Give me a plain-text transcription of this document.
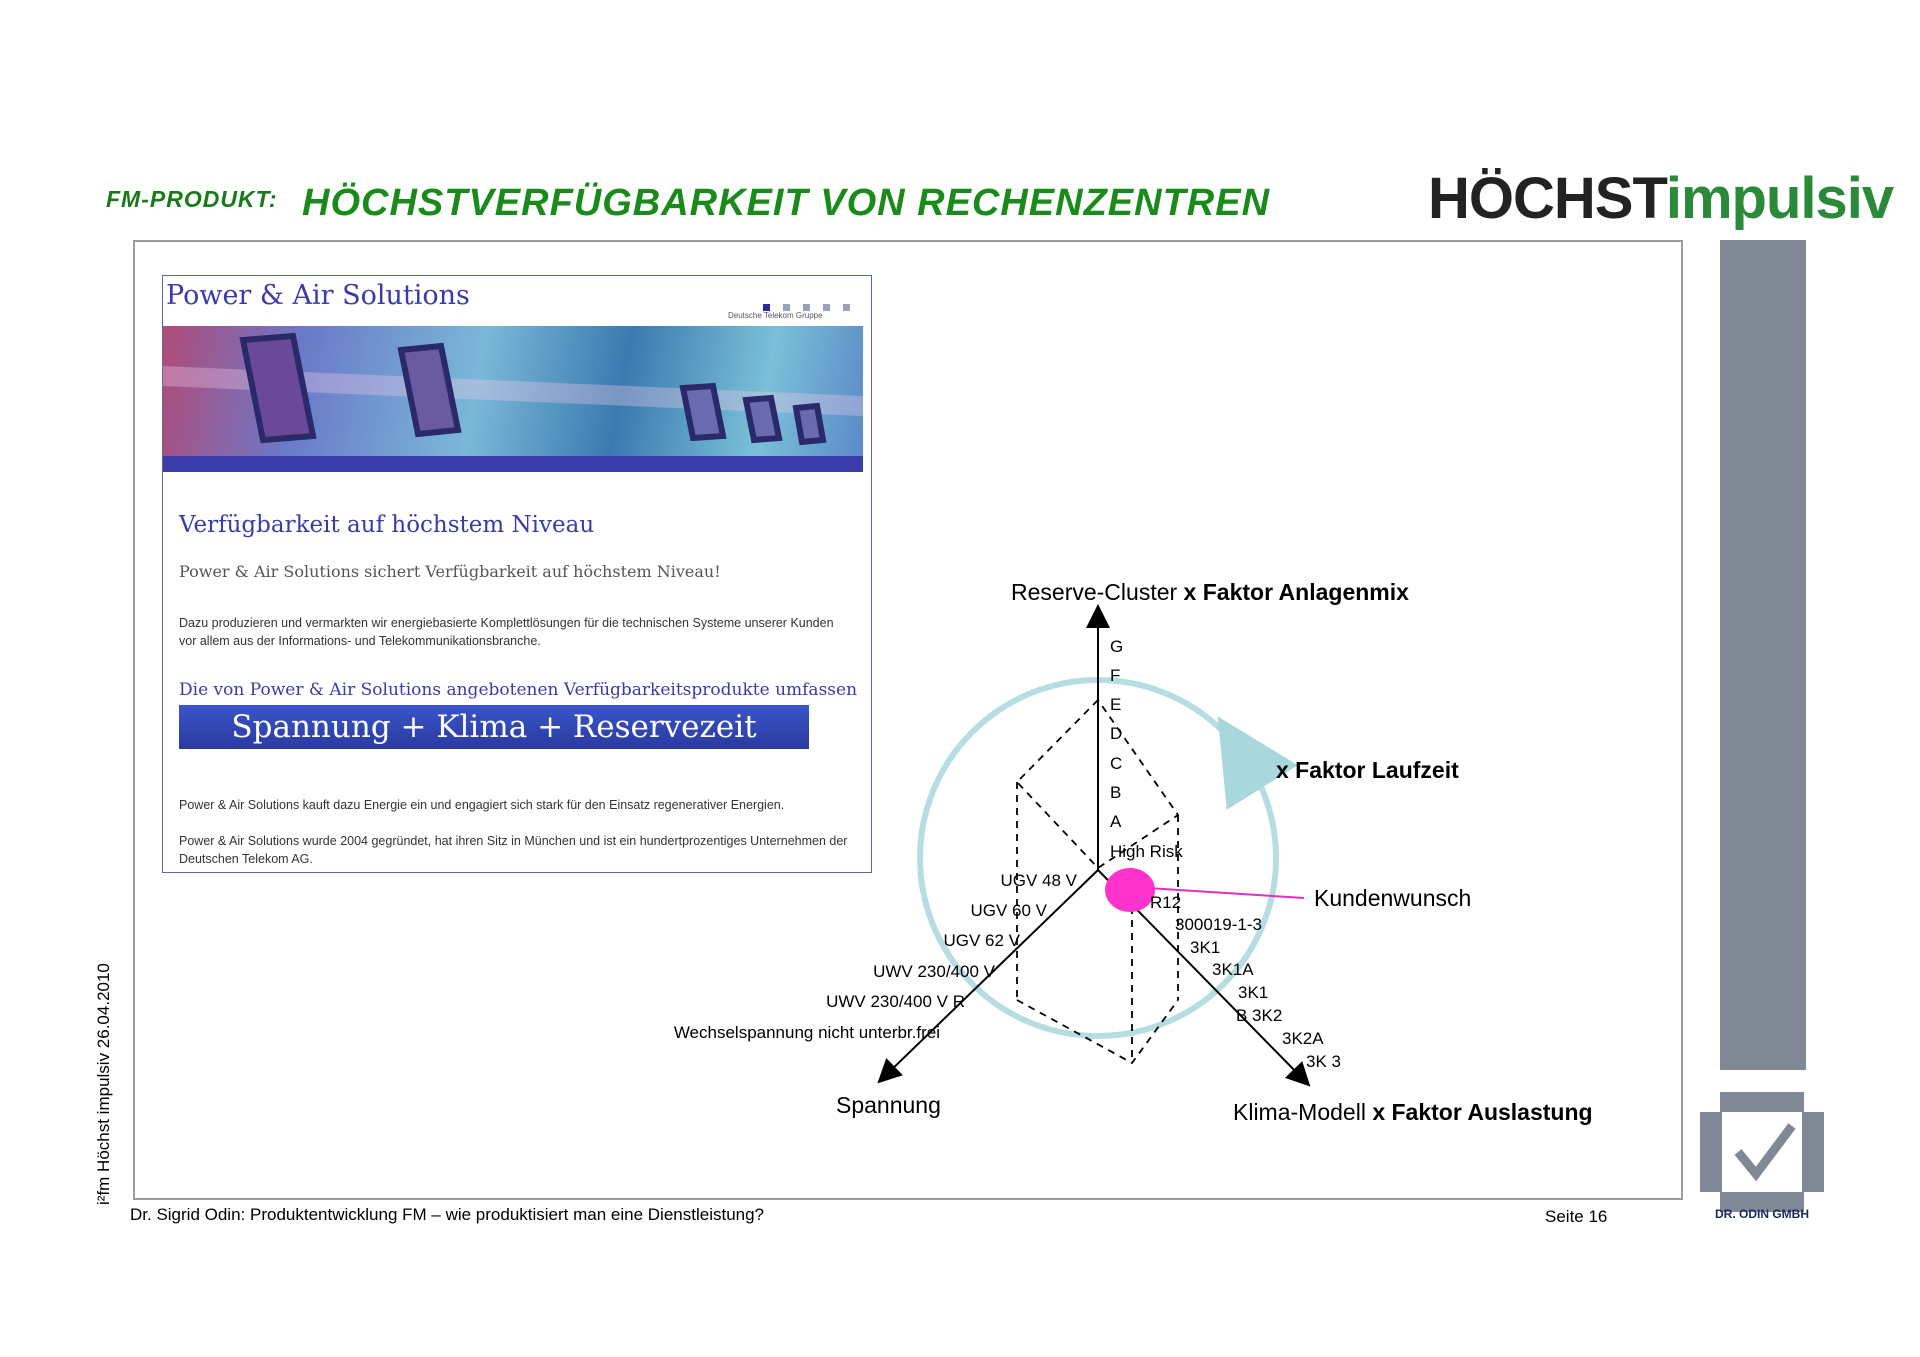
FM-PRODUKT: HÖCHSTVERFÜGBARKEIT VON RECHENZENTREN	HÖCHSTimpulsiv
DR. ODIN GMBH
i²fm Höchst impulsiv 26.04.2010
Dr. Sigrid Odin: Produktentwicklung FM – wie produktisiert man eine Dienstleistung?	Seite 16
Power & Air Solutions
Deutsche Telekom Gruppe
Verfügbarkeit auf höchstem Niveau
Power & Air Solutions sichert Verfügbarkeit auf höchstem Niveau!
Dazu produzieren und vermarkten wir energiebasierte Komplettlösungen für die technischen Systeme unserer Kunden vor allem aus der Informations- und Telekommunikationsbranche.
Die von Power & Air Solutions angebotenen Verfügbarkeitsprodukte umfassen
Spannung + Klima + Reservezeit
Power & Air Solutions kauft dazu Energie ein und engagiert sich stark für den Einsatz regenerativer Energien.
Power & Air Solutions wurde 2004 gegründet, hat ihren Sitz in München und ist ein hundertprozentiges Unternehmen der Deutschen Telekom AG.
Reserve-Cluster x Faktor Anlagenmix
x Faktor Laufzeit
Kundenwunsch
Spannung	Klima-Modell x Faktor Auslastung
G
F
E
D
C
B
A
High Risk
UGV 48 V
UGV 60 V
UGV 62 V
UWV 230/400 V
UWV 230/400 V R
Wechselspannung nicht unterbr.frei
R12
300019-1-3
3K1
3K1A
3K1
B 3K2
3K2A
3K 3
